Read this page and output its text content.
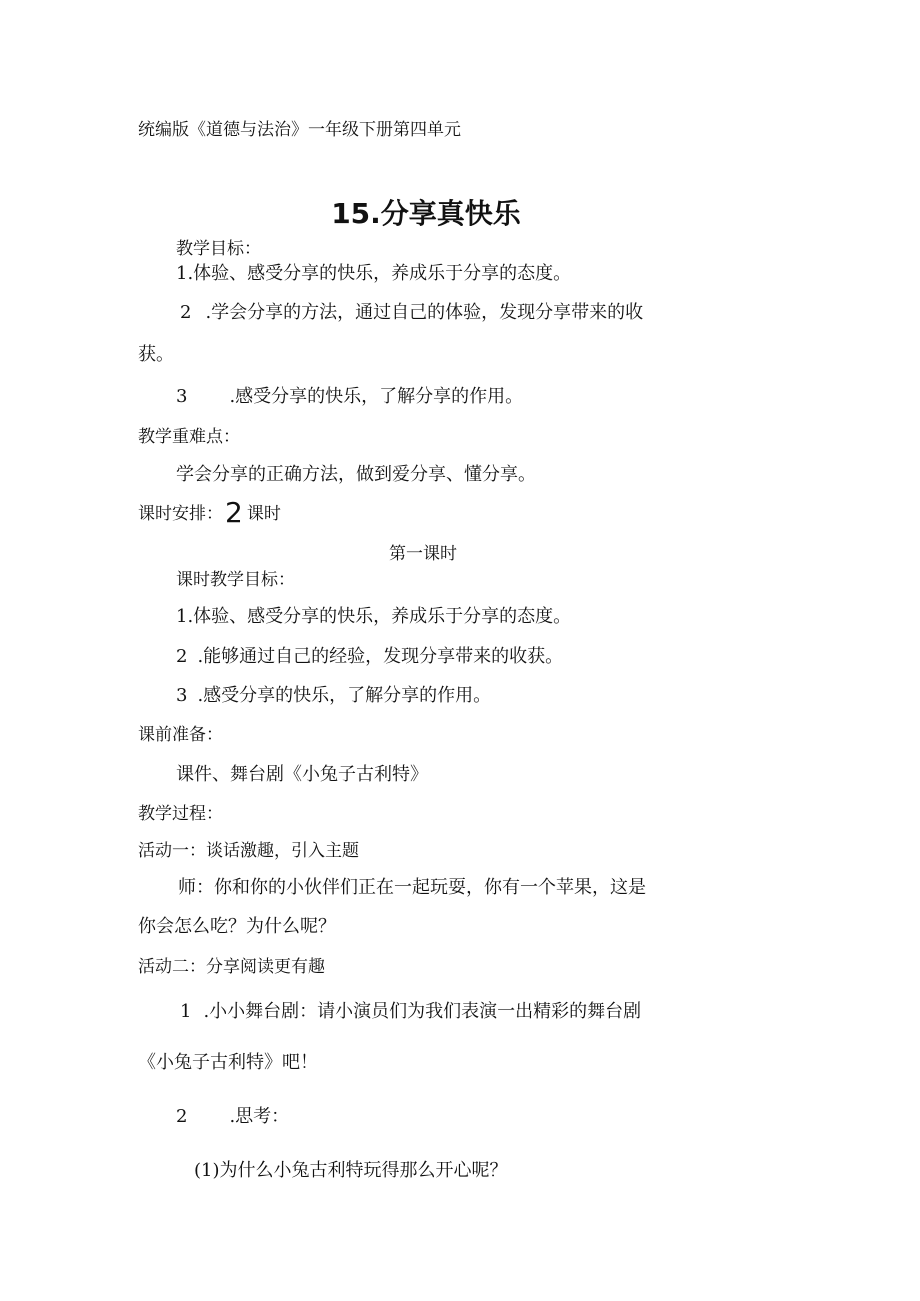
统编版《道德与法治》一年级下册第四单元
15.分享真快乐
教学目标：
1.体验、感受分享的快乐，养成乐于分享的态度。
2 .学会分享的方法，通过自己的体验，发现分享带来的收
获。
3 .感受分享的快乐，了解分享的作用。
教学重难点：
学会分享的正确方法，做到爱分享、懂分享。
课时安排：2 课时
第一课时
课时教学目标：
1.体验、感受分享的快乐，养成乐于分享的态度。
2 .能够通过自己的经验，发现分享带来的收获。
3 .感受分享的快乐，了解分享的作用。
课前准备：
课件、舞台剧《小兔子古利特》
教学过程：
活动一：谈话激趣，引入主题
师：你和你的小伙伴们正在一起玩耍，你有一个苹果，这是
你会怎么吃？为什么呢？
活动二：分享阅读更有趣
1 .小小舞台剧：请小演员们为我们表演一出精彩的舞台剧
《小兔子古利特》吧！
2 .思考：
(1)为什么小兔古利特玩得那么开心呢？
